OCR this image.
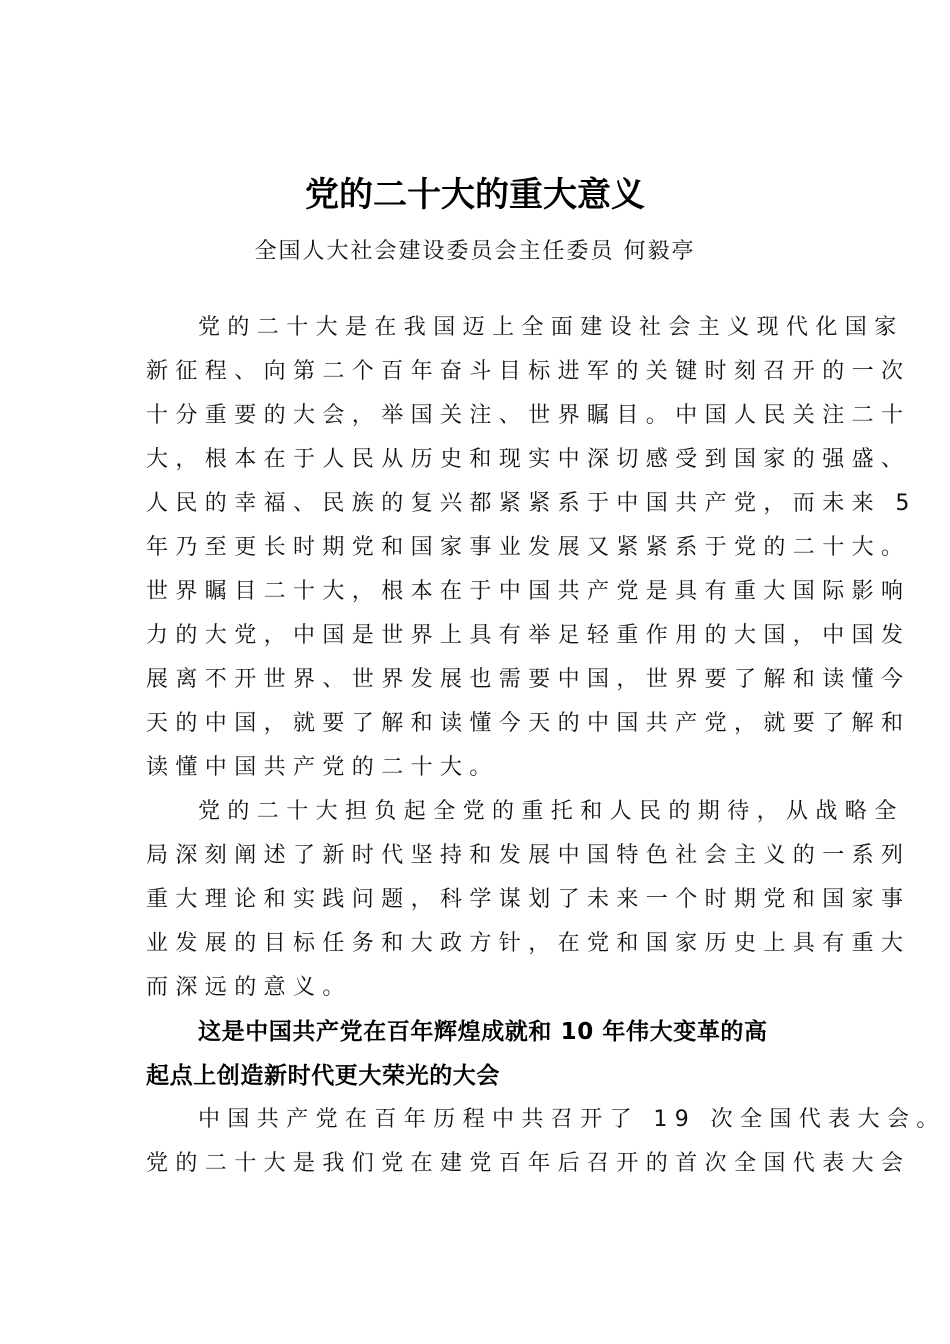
党的二十大的重大意义
全国人大社会建设委员会主任委员 何毅亭

党的二十大是在我国迈上全面建设社会主义现代化国家
新征程、向第二个百年奋斗目标进军的关键时刻召开的一次
十分重要的大会，举国关注、世界瞩目。中国人民关注二十
大，根本在于人民从历史和现实中深切感受到国家的强盛、
人民的幸福、民族的复兴都紧紧系于中国共产党，而未来 5
年乃至更长时期党和国家事业发展又紧紧系于党的二十大。
世界瞩目二十大，根本在于中国共产党是具有重大国际影响
力的大党，中国是世界上具有举足轻重作用的大国，中国发
展离不开世界、世界发展也需要中国，世界要了解和读懂今
天的中国，就要了解和读懂今天的中国共产党，就要了解和
读懂中国共产党的二十大。

党的二十大担负起全党的重托和人民的期待，从战略全
局深刻阐述了新时代坚持和发展中国特色社会主义的一系列
重大理论和实践问题，科学谋划了未来一个时期党和国家事
业发展的目标任务和大政方针，在党和国家历史上具有重大
而深远的意义。

这是中国共产党在百年辉煌成就和 10 年伟大变革的高
起点上创造新时代更大荣光的大会

中国共产党在百年历程中共召开了 19 次全国代表大会。
党的二十大是我们党在建党百年后召开的首次全国代表大会
